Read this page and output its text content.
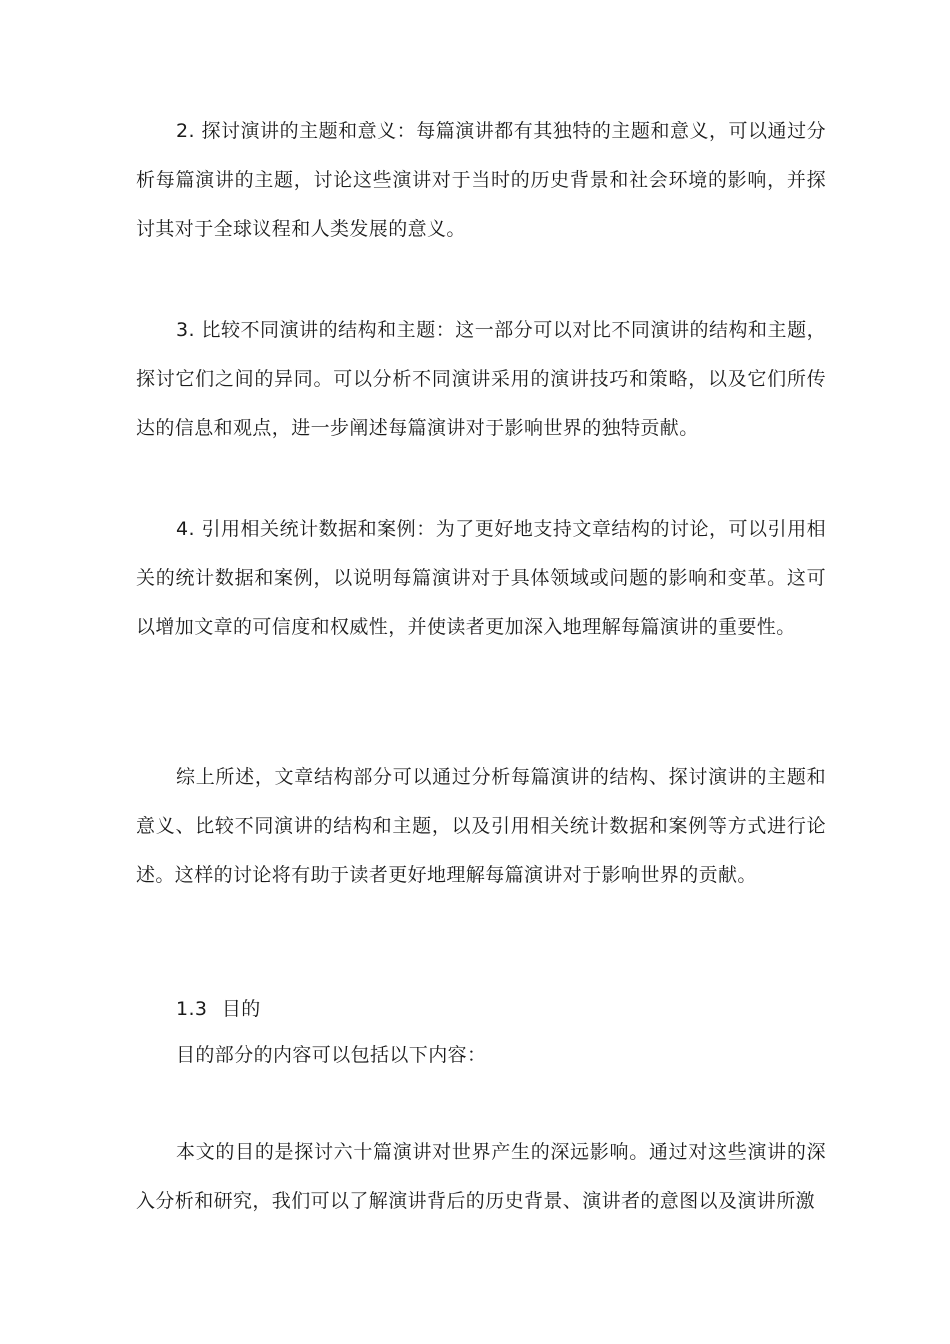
2. 探讨演讲的主题和意义：每篇演讲都有其独特的主题和意义，可以通过分析每篇演讲的主题，讨论这些演讲对于当时的历史背景和社会环境的影响，并探讨其对于全球议程和人类发展的意义。

3. 比较不同演讲的结构和主题：这一部分可以对比不同演讲的结构和主题，探讨它们之间的异同。可以分析不同演讲采用的演讲技巧和策略，以及它们所传达的信息和观点，进一步阐述每篇演讲对于影响世界的独特贡献。

4. 引用相关统计数据和案例：为了更好地支持文章结构的讨论，可以引用相关的统计数据和案例，以说明每篇演讲对于具体领域或问题的影响和变革。这可以增加文章的可信度和权威性，并使读者更加深入地理解每篇演讲的重要性。

综上所述，文章结构部分可以通过分析每篇演讲的结构、探讨演讲的主题和意义、比较不同演讲的结构和主题，以及引用相关统计数据和案例等方式进行论述。这样的讨论将有助于读者更好地理解每篇演讲对于影响世界的贡献。

1.3 目的

目的部分的内容可以包括以下内容：

本文的目的是探讨六十篇演讲对世界产生的深远影响。通过对这些演讲的深入分析和研究，我们可以了解演讲背后的历史背景、演讲者的意图以及演讲所激
